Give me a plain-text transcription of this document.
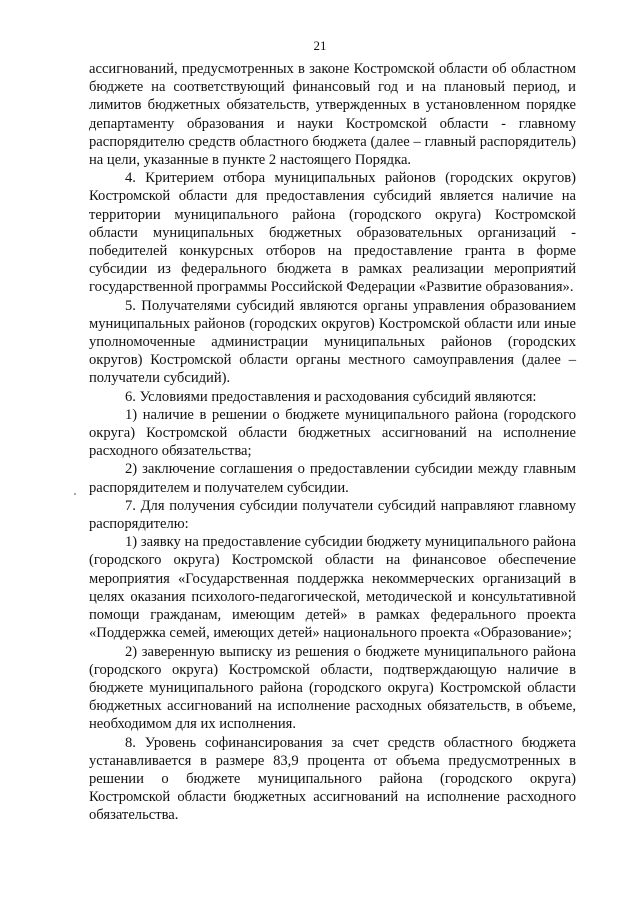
21

ассигнований, предусмотренных в законе Костромской области об областном бюджете на соответствующий финансовый год и на плановый период, и лимитов бюджетных обязательств, утвержденных в установленном порядке департаменту образования и науки Костромской области - главному распорядителю средств областного бюджета (далее – главный распорядитель) на цели, указанные в пункте 2 настоящего Порядка.

4. Критерием отбора муниципальных районов (городских округов) Костромской области для предоставления субсидий является наличие на территории муниципального района (городского округа) Костромской области муниципальных бюджетных образовательных организаций - победителей конкурсных отборов на предоставление гранта в форме субсидии из федерального бюджета в рамках реализации мероприятий государственной программы Российской Федерации «Развитие образования».

5. Получателями субсидий являются органы управления образованием муниципальных районов (городских округов) Костромской области или иные уполномоченные администрации муниципальных районов (городских округов) Костромской области органы местного самоуправления (далее – получатели субсидий).

6. Условиями предоставления и расходования субсидий являются:

1) наличие в решении о бюджете муниципального района (городского округа) Костромской области бюджетных ассигнований на исполнение расходного обязательства;

2) заключение соглашения о предоставлении субсидии между главным распорядителем и получателем субсидии.

7. Для получения субсидии получатели субсидий направляют главному распорядителю:

1) заявку на предоставление субсидии бюджету муниципального района (городского округа) Костромской области на финансовое обеспечение мероприятия «Государственная поддержка некоммерческих организаций в целях оказания психолого-педагогической, методической и консультативной помощи гражданам, имеющим детей» в рамках федерального проекта «Поддержка семей, имеющих детей» национального проекта «Образование»;

2) заверенную выписку из решения о бюджете муниципального района (городского округа) Костромской области, подтверждающую наличие в бюджете муниципального района (городского округа) Костромской области бюджетных ассигнований на исполнение расходных обязательств, в объеме, необходимом для их исполнения.

8. Уровень софинансирования за счет средств областного бюджета устанавливается в размере 83,9 процента от объема предусмотренных в решении о бюджете муниципального района (городского округа) Костромской области бюджетных ассигнований на исполнение расходного обязательства.
